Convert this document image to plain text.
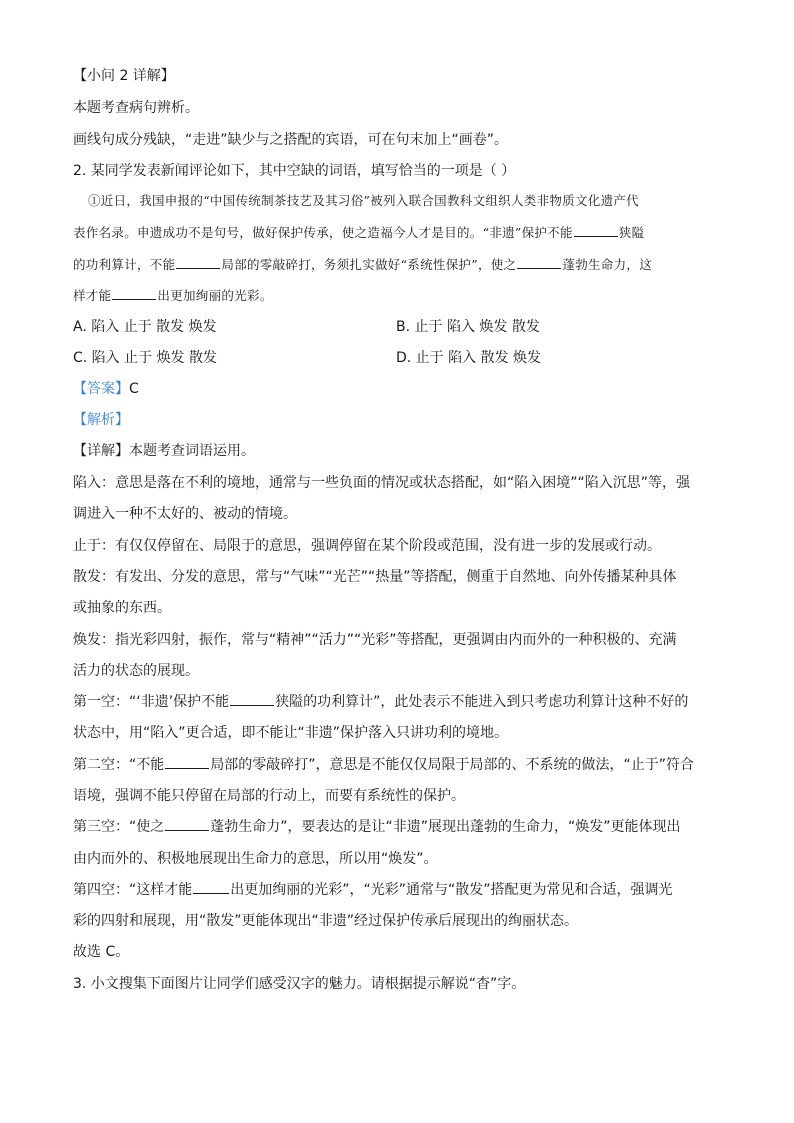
【小问 2 详解】
本题考查病句辨析。
画线句成分残缺，“走进”缺少与之搭配的宾语，可在句末加上“画卷”。
2. 某同学发表新闻评论如下，其中空缺的词语，填写恰当的一项是（ ）
①近日，我国申报的“中国传统制茶技艺及其习俗”被列入联合国教科文组织人类非物质文化遗产代
表作名录。申遗成功不是句号，做好保护传承，使之造福今人才是目的。“非遗”保护不能	狭隘
的功利算计，不能	局部的零敲碎打，务须扎实做好“系统性保护”，使之	蓬勃生命力，这
样才能	出更加绚丽的光彩。
A. 陷入 止于 散发 焕发	B. 止于 陷入 焕发 散发
C. 陷入 止于 焕发 散发	D. 止于 陷入 散发 焕发
【答案】C
【解析】
【详解】本题考查词语运用。
陷入：意思是落在不利的境地，通常与一些负面的情况或状态搭配，如“陷入困境”“陷入沉思”等，强
调进入一种不太好的、被动的情境。
止于：有仅仅停留在、局限于的意思，强调停留在某个阶段或范围，没有进一步的发展或行动。
散发：有发出、分发的意思，常与“气味”“光芒”“热量”等搭配，侧重于自然地、向外传播某种具体
或抽象的东西。
焕发：指光彩四射，振作，常与“精神”“活力”“光彩”等搭配，更强调由内而外的一种积极的、充满
活力的状态的展现。
第一空：“‘非遗’保护不能	狭隘的功利算计”，此处表示不能进入到只考虑功利算计这种不好的
状态中，用“陷入”更合适，即不能让“非遗”保护落入只讲功利的境地。
第二空：“不能	局部的零敲碎打”，意思是不能仅仅局限于局部的、不系统的做法，“止于”符合
语境，强调不能只停留在局部的行动上，而要有系统性的保护。
第三空：“使之	蓬勃生命力”，要表达的是让“非遗”展现出蓬勃的生命力，“焕发”更能体现出
由内而外的、积极地展现出生命力的意思，所以用“焕发”。
第四空：“这样才能	出更加绚丽的光彩”，“光彩”通常与“散发”搭配更为常见和合适，强调光
彩的四射和展现，用“散发”更能体现出“非遗”经过保护传承后展现出的绚丽状态。
故选 C。
3. 小文搜集下面图片让同学们感受汉字的魅力。请根据提示解说“杳”字。
